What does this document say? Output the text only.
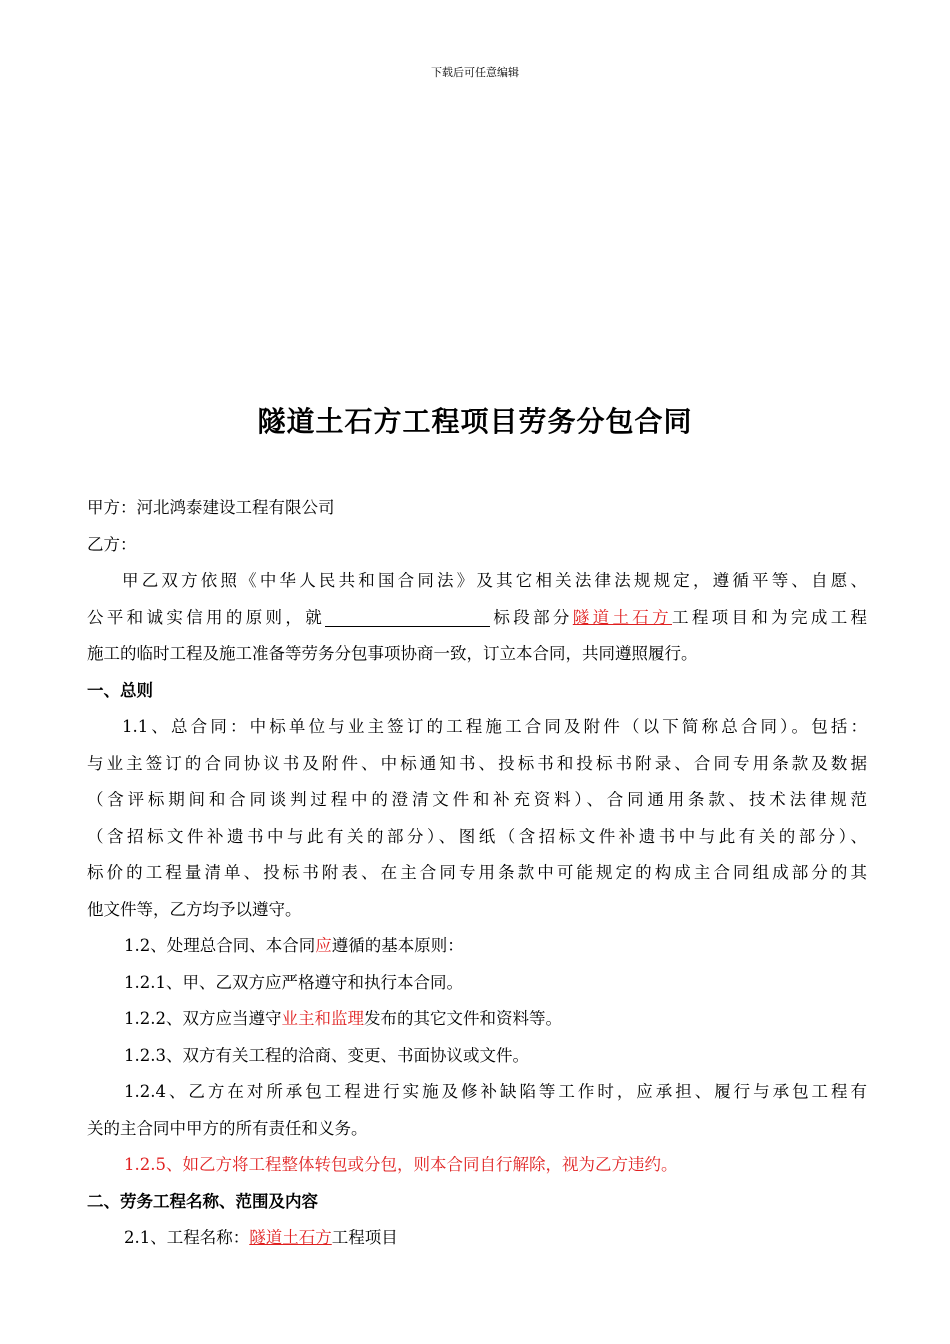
下载后可任意编辑
隧道土石方工程项目劳务分包合同
甲方：河北鸿泰建设工程有限公司
乙方：
甲乙双方依照《中华人民共和国合同法》及其它相关法律法规规定，遵循平等、自愿、
公平和诚实信用的原则，就	标段部分隧道土石方工程项目和为完成工程
施工的临时工程及施工准备等劳务分包事项协商一致，订立本合同，共同遵照履行。
一、总则
1.1、总合同：中标单位与业主签订的工程施工合同及附件（以下简称总合同）。包括：
与业主签订的合同协议书及附件、中标通知书、投标书和投标书附录、合同专用条款及数据
（含评标期间和合同谈判过程中的澄清文件和补充资料）、合同通用条款、技术法律规范
（含招标文件补遗书中与此有关的部分）、图纸（含招标文件补遗书中与此有关的部分）、
标价的工程量清单、投标书附表、在主合同专用条款中可能规定的构成主合同组成部分的其
他文件等，乙方均予以遵守。
1.2、处理总合同、本合同应遵循的基本原则：
1.2.1、甲、乙双方应严格遵守和执行本合同。
1.2.2、双方应当遵守业主和监理发布的其它文件和资料等。
1.2.3、双方有关工程的洽商、变更、书面协议或文件。
1.2.4、乙方在对所承包工程进行实施及修补缺陷等工作时，应承担、履行与承包工程有
关的主合同中甲方的所有责任和义务。
1.2.5、如乙方将工程整体转包或分包，则本合同自行解除，视为乙方违约。
二、劳务工程名称、范围及内容
2.1、工程名称：隧道土石方工程项目
